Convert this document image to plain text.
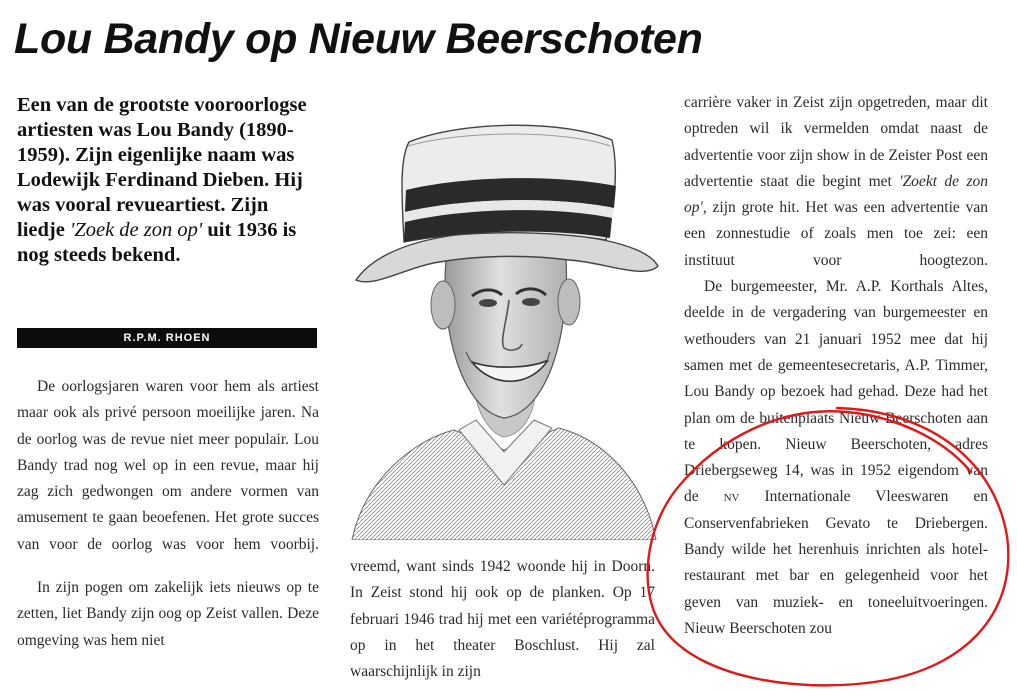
Lou Bandy op Nieuw Beerschoten

Een van de grootste vooroorlogse artiesten was Lou Bandy (1890-1959). Zijn eigenlijke naam was Lodewijk Ferdinand Dieben. Hij was vooral revueartiest. Zijn liedje 'Zoek de zon op' uit 1936 is nog steeds bekend.

R.P.M. RHOEN

De oorlogsjaren waren voor hem als artiest maar ook als privé persoon moeilijke jaren. Na de oorlog was de revue niet meer populair. Lou Bandy trad nog wel op in een revue, maar hij zag zich gedwongen om andere vormen van amusement te gaan beoefenen. Het grote succes van voor de oorlog was voor hem voorbij.

In zijn pogen om zakelijk iets nieuws op te zetten, liet Bandy zijn oog op Zeist vallen. Deze omgeving was hem niet

vreemd, want sinds 1942 woonde hij in Doorn. In Zeist stond hij ook op de planken. Op 17 februari 1946 trad hij met een variétéprogramma op in het theater Boschlust. Hij zal waarschijnlijk in zijn

carrière vaker in Zeist zijn opgetreden, maar dit optreden wil ik vermelden omdat naast de advertentie voor zijn show in de Zeister Post een advertentie staat die begint met 'Zoekt de zon op', zijn grote hit. Het was een advertentie van een zonnestudie of zoals men toe zei: een instituut voor hoogtezon.

De burgemeester, Mr. A.P. Korthals Altes, deelde in de vergadering van burgemeester en wethouders van 21 januari 1952 mee dat hij samen met de gemeentesecretaris, A.P. Timmer, Lou Bandy op bezoek had gehad. Deze had het plan om de buitenplaats Nieuw Beerschoten aan te kopen. Nieuw Beerschoten, adres Driebergseweg 14, was in 1952 eigendom van de nv Internationale Vleeswaren en Conservenfabrieken Gevato te Driebergen. Bandy wilde het herenhuis inrichten als hotel-restaurant met bar en gelegenheid voor het geven van muziek- en toneeluitvoeringen. Nieuw Beerschoten zou
